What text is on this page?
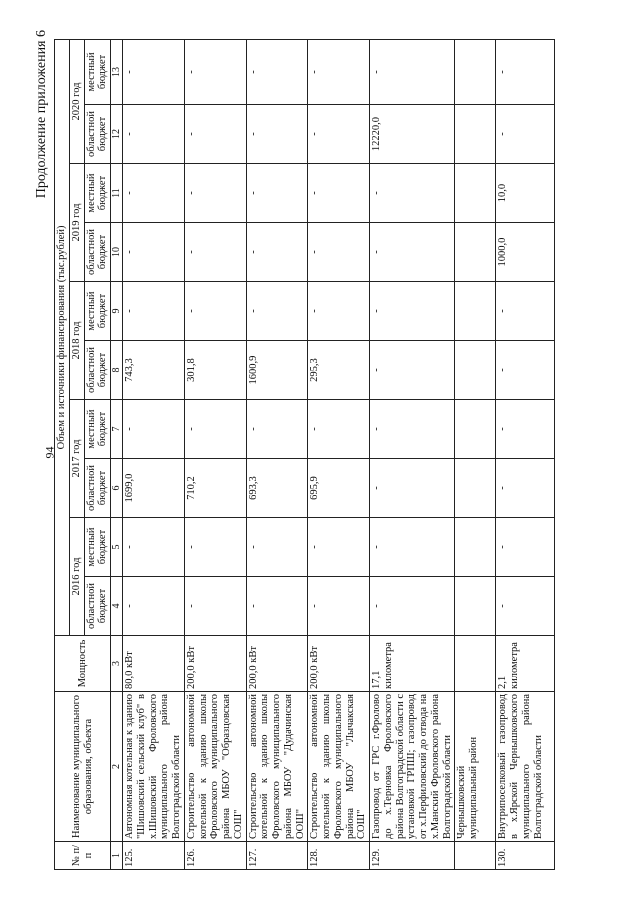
94
Продолжение приложения 6
№ п/п	Наименование муниципального образования, объекта	Мощность	Объем и источники финансирования (тыс.рублей)									
			2016 год		2017 год		2018 год		2019 год		2020 год	
			областной бюджет	местный бюджет	областной бюджет	местный бюджет	областной бюджет	местный бюджет	областной бюджет	местный бюджет	областной бюджет	местный бюджет
1	2	3	4	5	6	7	8	9	10	11	12	13
125.	Автономная котельная к зданию "Шишовский сельский клуб" в х.Шишовский Фроловского муниципального района Волгоградской области	80,0 кВт	-	-	1699,0	-	743,3	-	-	-	-	-
126.	Строительство автономной котельной к зданию школы Фроловского муниципального района МБОУ "Образцовская СОШ"	200,0 кВт	-	-	710,2	-	301,8	-	-	-	-	-
127.	Строительство автономной котельной к зданию школы Фроловского муниципального района МБОУ "Дудачинская ООШ"	200,0 кВт	-	-	693,3	-	1600,9	-	-	-	-	-
128.	Строительство автономной котельной к зданию школы Фроловского муниципального района МБОУ "Лычакская СОШ"	200,0 кВт	-	-	695,9	-	295,3	-	-	-	-	-
129.	Газопровод от ГРС г.Фролово до х.Терновка Фроловского района Волгоградской области с установкой ГРПШ; газопровод от х.Перфиловский до отвода на х.Манский Фроловского района Волгоградской области	17,1 километра	-	-	-	-	-	-	-	-	12220,0	-
	Чернышковский муниципальный район											
130.	Внутрипоселковый газопровод в х.Ярской Чернышковского муниципального района Волгоградской области	2,1 километра	-	-	-	-	-	-	1000,0	10,0	-	-
